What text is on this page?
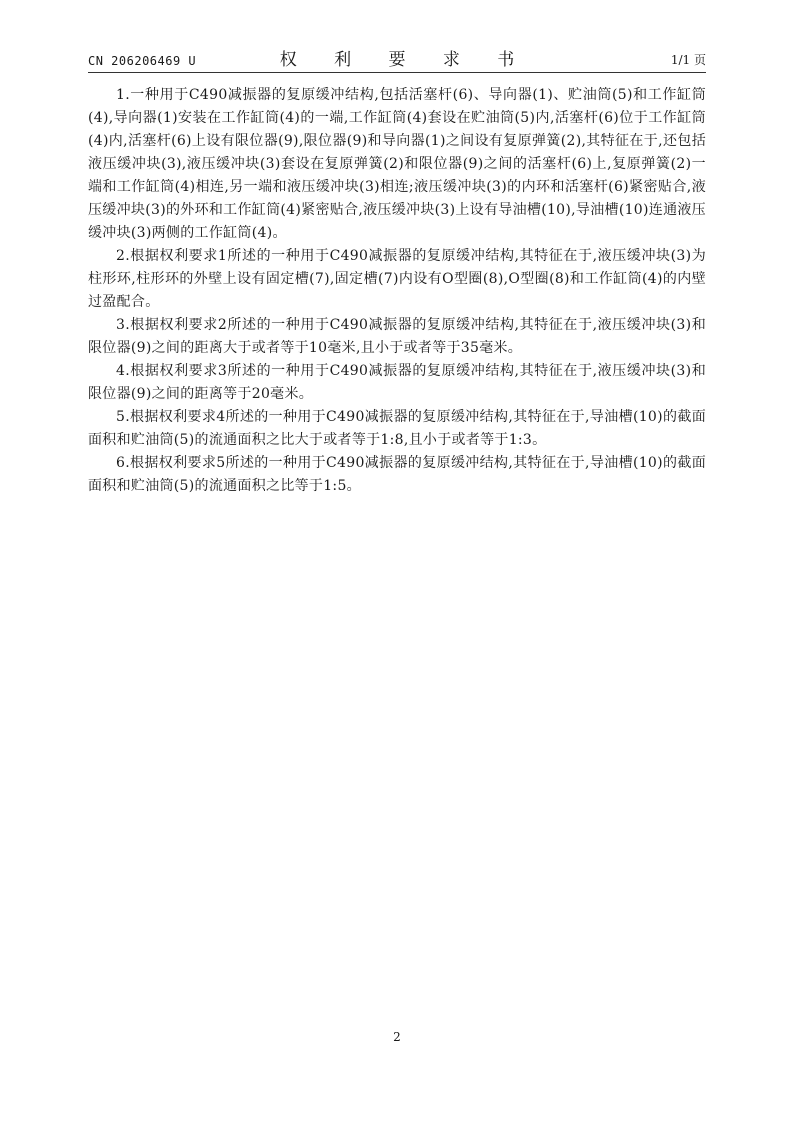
CN 206206469 U	权 利 要 求 书	1/1 页

1.一种用于C490减振器的复原缓冲结构,包括活塞杆(6)、导向器(1)、贮油筒(5)和工作缸筒(4),导向器(1)安装在工作缸筒(4)的一端,工作缸筒(4)套设在贮油筒(5)内,活塞杆(6)位于工作缸筒(4)内,活塞杆(6)上设有限位器(9),限位器(9)和导向器(1)之间设有复原弹簧(2),其特征在于,还包括液压缓冲块(3),液压缓冲块(3)套设在复原弹簧(2)和限位器(9)之间的活塞杆(6)上,复原弹簧(2)一端和工作缸筒(4)相连,另一端和液压缓冲块(3)相连;液压缓冲块(3)的内环和活塞杆(6)紧密贴合,液压缓冲块(3)的外环和工作缸筒(4)紧密贴合,液压缓冲块(3)上设有导油槽(10),导油槽(10)连通液压缓冲块(3)两侧的工作缸筒(4)。

2.根据权利要求1所述的一种用于C490减振器的复原缓冲结构,其特征在于,液压缓冲块(3)为柱形环,柱形环的外壁上设有固定槽(7),固定槽(7)内设有O型圈(8),O型圈(8)和工作缸筒(4)的内壁过盈配合。

3.根据权利要求2所述的一种用于C490减振器的复原缓冲结构,其特征在于,液压缓冲块(3)和限位器(9)之间的距离大于或者等于10毫米,且小于或者等于35毫米。

4.根据权利要求3所述的一种用于C490减振器的复原缓冲结构,其特征在于,液压缓冲块(3)和限位器(9)之间的距离等于20毫米。

5.根据权利要求4所述的一种用于C490减振器的复原缓冲结构,其特征在于,导油槽(10)的截面面积和贮油筒(5)的流通面积之比大于或者等于1:8,且小于或者等于1:3。

6.根据权利要求5所述的一种用于C490减振器的复原缓冲结构,其特征在于,导油槽(10)的截面面积和贮油筒(5)的流通面积之比等于1:5。

2
